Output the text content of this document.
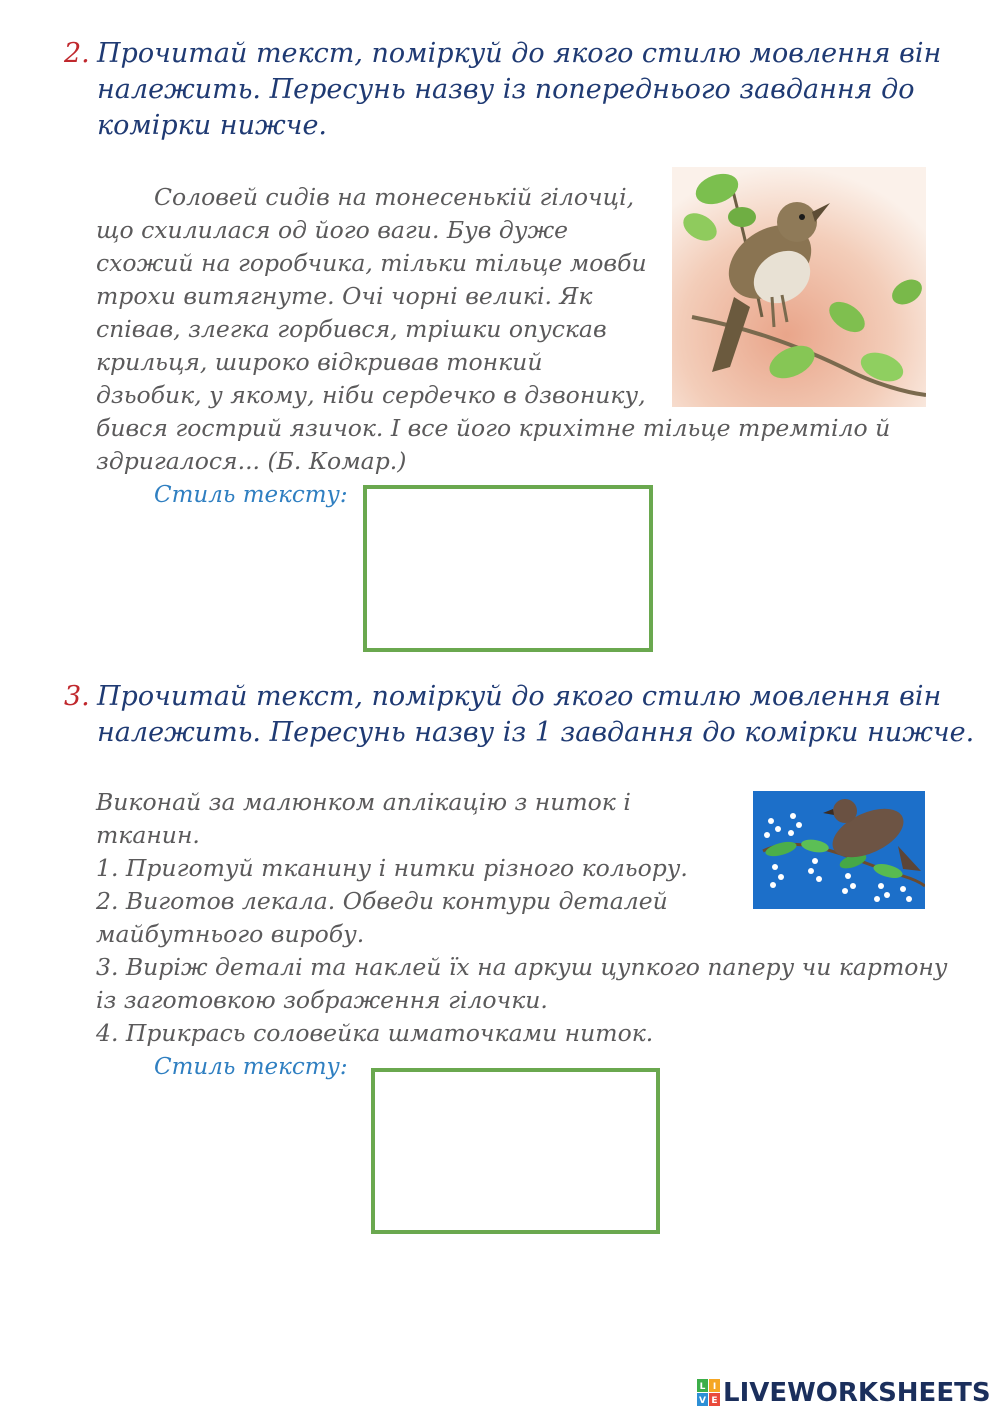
2. Прочитай текст, поміркуй до якого стилю мовлення він
належить. Пересунь назву із попереднього завдання до
комірки нижче.
Соловей сидів на тонесенькій гілочці,
що схилилася од його ваги. Був дуже
схожий на горобчика, тільки тільце мовби
трохи витягнуте. Очі чорні великі. Як
співав, злегка горбився, трішки опускав
крильця, широко відкривав тонкий
дзьобик, у якому, ніби сердечко в дзвонику,
бився гострий язичок. І все його крихітне тільце тремтіло й
здригалося... (Б. Комар.)
Стиль тексту:
3. Прочитай текст, поміркуй до якого стилю мовлення він
належить. Пересунь назву із 1 завдання до комірки нижче.
Виконай за малюнком аплікацію з ниток і
тканин.
1. Приготуй тканину і нитки різного кольору.
2. Виготов лекала. Обведи контури деталей
майбутнього виробу.
3. Виріж деталі та наклей їх на аркуш цупкого паперу чи картону
із заготовкою зображення гілочки.
4. Прикрась соловейка шматочками ниток.
Стиль тексту:
L I
V E LIVEWORKSHEETS
